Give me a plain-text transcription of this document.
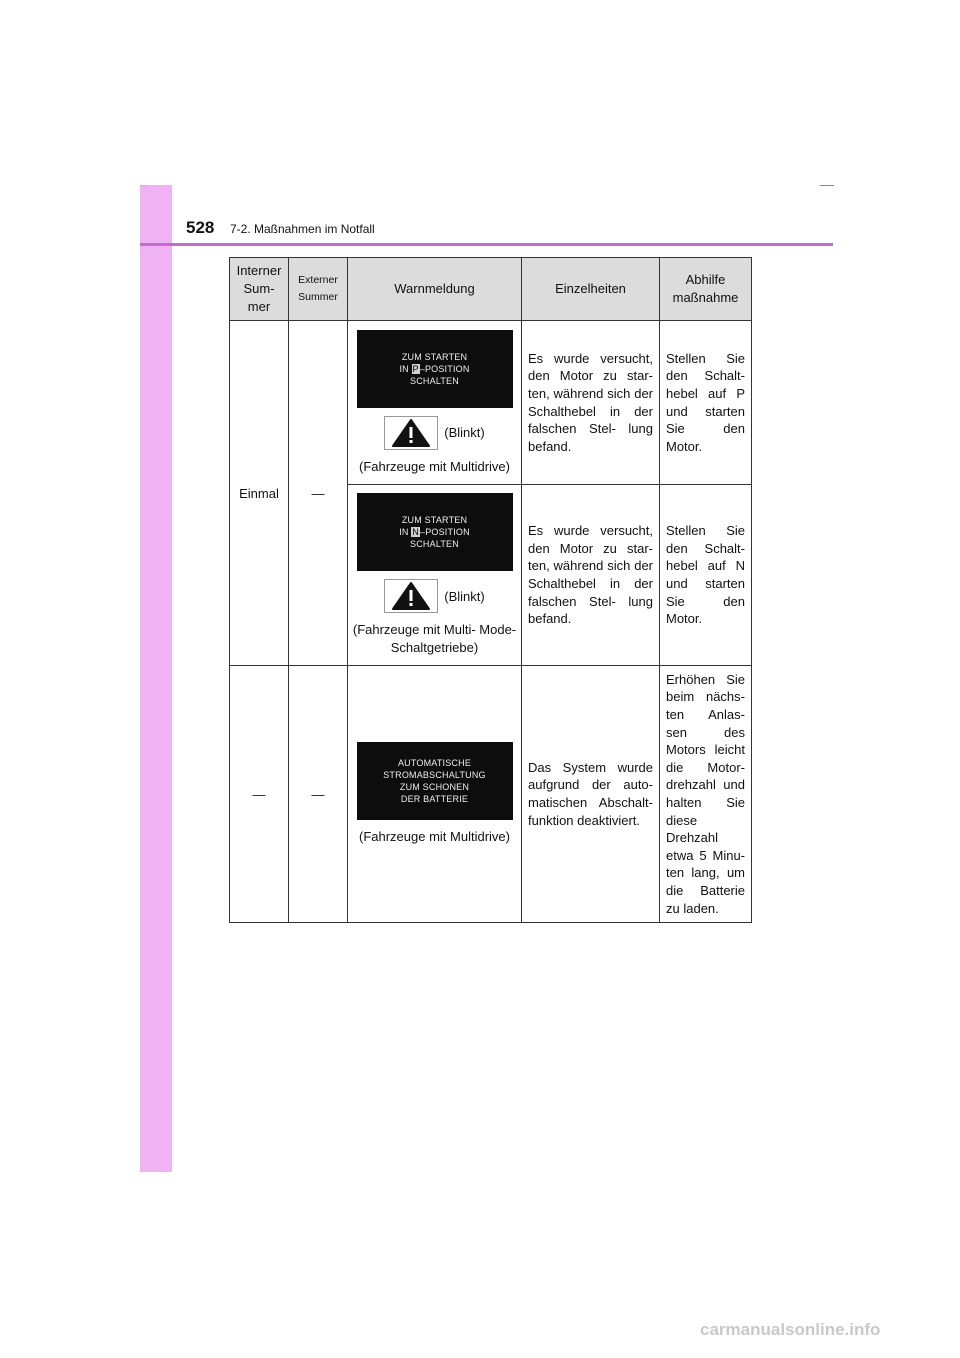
528 7-2. Maßnahmen im Notfall
Interner Sum- mer	Externer Summer	Warnmeldung	Einzelheiten	Abhilfe maßnahme
Einmal	—	ZUM STARTEN
IN P–POSITION
SCHALTEN
(Blinkt)
(Fahrzeuge mit Multidrive)	Es wurde versucht, den Motor zu star- ten, während sich der Schalthebel in der falschen Stel- lung befand.	Stellen Sie den Schalt- hebel auf P und starten Sie den Motor.

		ZUM STARTEN
IN N–POSITION
SCHALTEN
(Blinkt)
(Fahrzeuge mit Multi- Mode-Schaltgetriebe)	Es wurde versucht, den Motor zu star- ten, während sich der Schalthebel in der falschen Stel- lung befand.	Stellen Sie den Schalt- hebel auf N und starten Sie den Motor.
—	—	AUTOMATISCHE
STROMABSCHALTUNG
ZUM SCHONEN
DER BATTERIE
(Fahrzeuge mit Multidrive)	Das System wurde aufgrund der auto- matischen Abschalt- funktion deaktiviert.	Erhöhen Sie beim nächs- ten Anlas- sen des Motors leicht die Motor- drehzahl und halten Sie diese Drehzahl etwa 5 Minu- ten lang, um die Batterie zu laden.
carmanualsonline.info
